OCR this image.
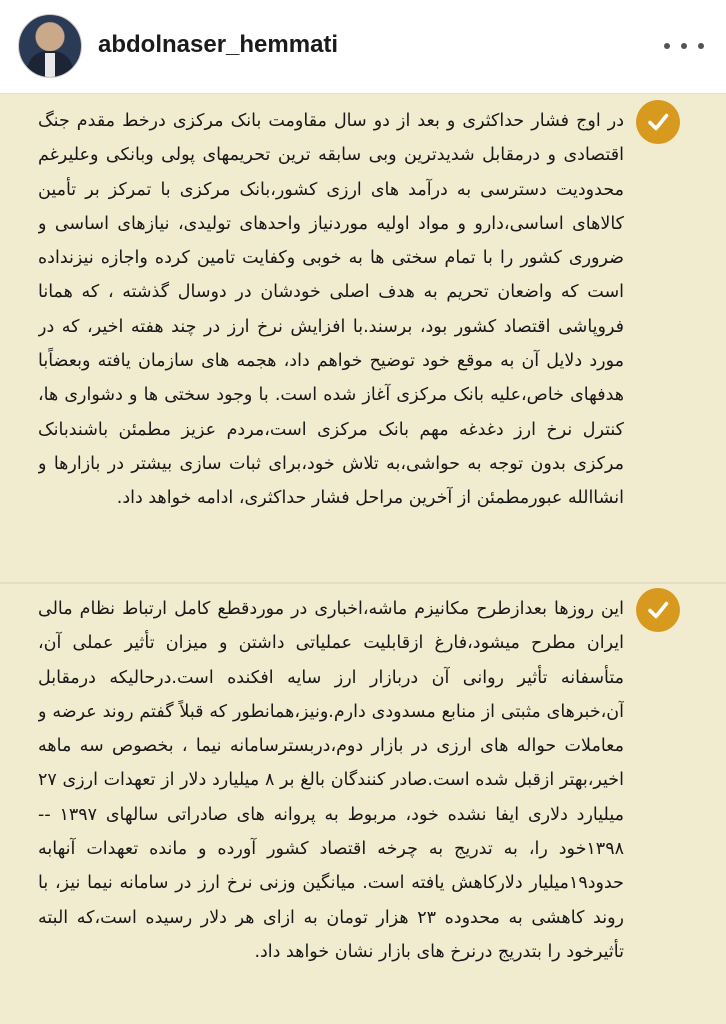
abdolnaser_hemmati
در اوج فشار حداکثری و بعد از دو سال مقاومت بانک مرکزی درخط مقدم جنگ اقتصادی و درمقابل شدیدترین وبی سابقه ترین تحریمهای پولی وبانکی وعلیرغم محدودیت دسترسی به درآمد های ارزی کشور،بانک مرکزی با تمرکز بر تأمین کالاهای اساسی،دارو و مواد اولیه موردنیاز واحدهای تولیدی، نیازهای اساسی و ضروری کشور را با تمام سختی ها به خوبی وکفایت تامین کرده واجازه نیزنداده است که واضعان تحریم به هدف اصلی خودشان در دوسال گذشته ، که همانا فروپاشی اقتصاد کشور بود، برسند.با افزایش نرخ ارز در چند هفته اخیر، که در مورد دلایل آن به موقع خود توضیح خواهم داد، هجمه های سازمان یافته وبعضاًبا هدفهای خاص،علیه بانک مرکزی آغاز شده است. با وجود سختی ها و دشواری ها، کنترل نرخ ارز دغدغه مهم بانک مرکزی است،مردم عزیز مطمئن باشندبانک مرکزی بدون توجه به حواشی،به تلاش خود،برای ثبات سازی بیشتر در بازارها و انشاالله عبورمطمئن از آخرین مراحل فشار حداکثری، ادامه خواهد داد.
این روزها بعدازطرح مکانیزم ماشه،اخباری در موردقطع کامل ارتباط نظام مالی ایران مطرح میشود،فارغ ازقابلیت عملیاتی داشتن و میزان تأثیر عملی آن، متأسفانه تأثیر روانی آن دربازار ارز سایه افکنده است.درحالیکه درمقابل آن،خبرهای مثبتی از منابع مسدودی دارم.ونیز،همانطور که قبلاً گفتم روند عرضه و معاملات حواله های ارزی در بازار دوم،دربسترسامانه نیما ، بخصوص سه ماهه اخیر،بهتر ازقبل شده است.صادر کنندگان بالغ بر ۸ میلیارد دلار از تعهدات ارزی ۲۷ میلیارد دلاری ایفا نشده خود، مربوط به پروانه های صادراتی سالهای ۱۳۹۷ -- ۱۳۹۸خود را، به تدریج به چرخه اقتصاد کشور آورده و مانده تعهدات آنهابه حدود۱۹میلیار دلارکاهش یافته است. میانگین وزنی نرخ ارز در سامانه نیما نیز، با روند کاهشی به محدوده ۲۳ هزار تومان به ازای هر دلار رسیده است،که البته تأثیرخود را بتدریج درنرخ های بازار نشان خواهد داد.
